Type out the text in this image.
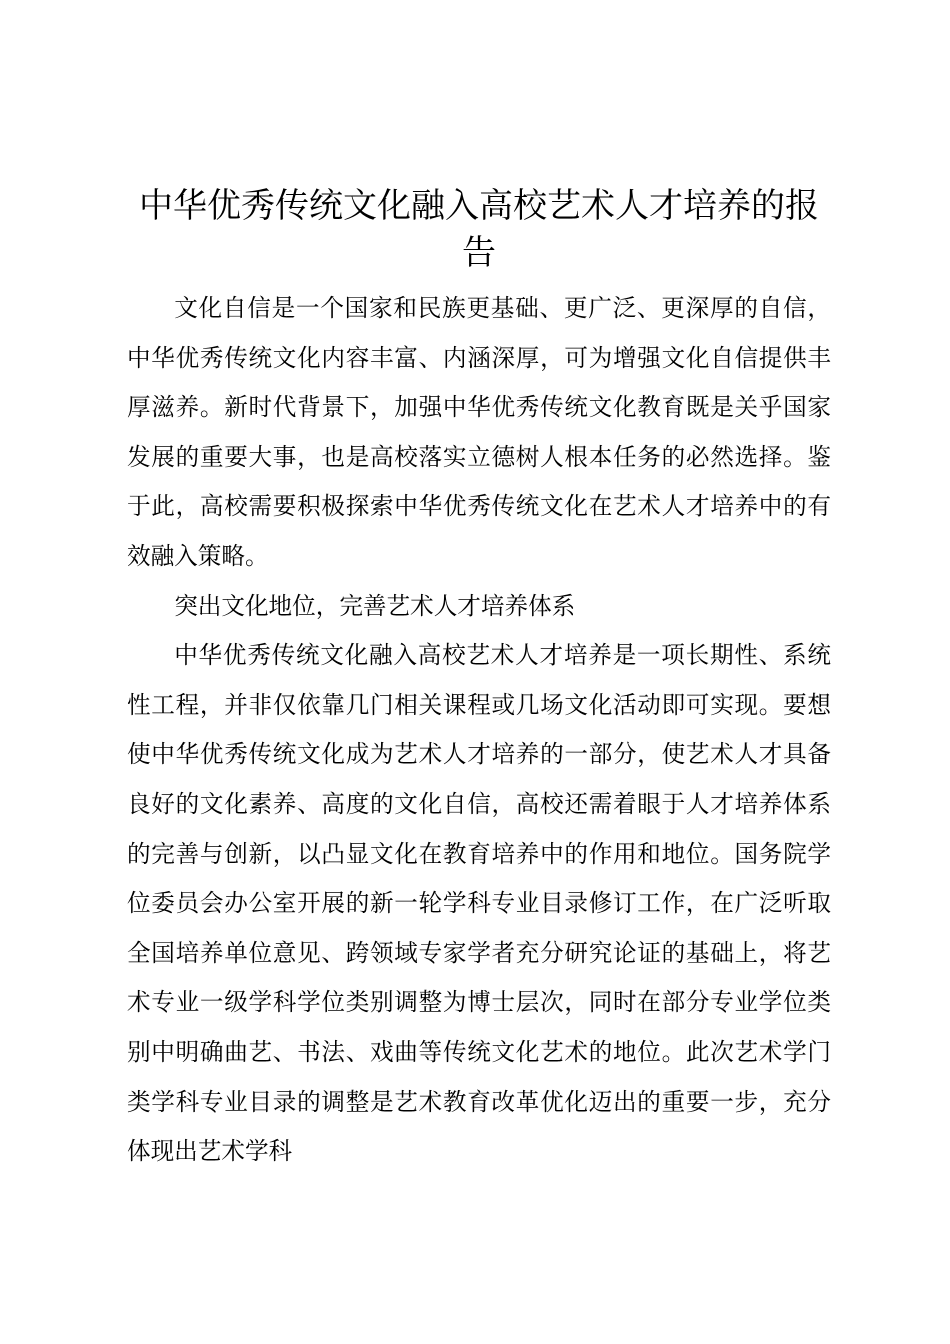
中华优秀传统文化融入高校艺术人才培养的报告

文化自信是一个国家和民族更基础、更广泛、更深厚的自信，中华优秀传统文化内容丰富、内涵深厚，可为增强文化自信提供丰厚滋养。新时代背景下，加强中华优秀传统文化教育既是关乎国家发展的重要大事，也是高校落实立德树人根本任务的必然选择。鉴于此，高校需要积极探索中华优秀传统文化在艺术人才培养中的有效融入策略。

突出文化地位，完善艺术人才培养体系

中华优秀传统文化融入高校艺术人才培养是一项长期性、系统性工程，并非仅依靠几门相关课程或几场文化活动即可实现。要想使中华优秀传统文化成为艺术人才培养的一部分，使艺术人才具备良好的文化素养、高度的文化自信，高校还需着眼于人才培养体系的完善与创新，以凸显文化在教育培养中的作用和地位。国务院学位委员会办公室开展的新一轮学科专业目录修订工作，在广泛听取全国培养单位意见、跨领域专家学者充分研究论证的基础上，将艺术专业一级学科学位类别调整为博士层次，同时在部分专业学位类别中明确曲艺、书法、戏曲等传统文化艺术的地位。此次艺术学门类学科专业目录的调整是艺术教育改革优化迈出的重要一步，充分体现出艺术学科
